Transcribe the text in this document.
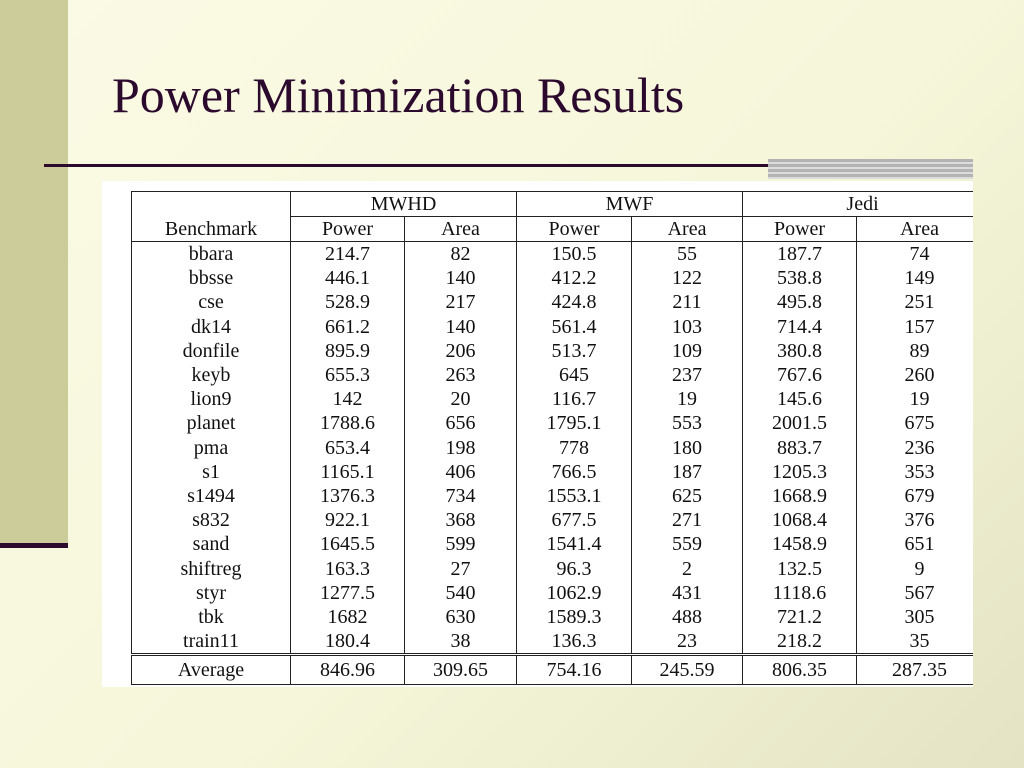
Power Minimization Results
Benchmark	MWHD		MWF		Jedi	
	Power	Area	Power	Area	Power	Area
bbara	214.7	82	150.5	55	187.7	74
bbsse	446.1	140	412.2	122	538.8	149
cse	528.9	217	424.8	211	495.8	251
dk14	661.2	140	561.4	103	714.4	157
donfile	895.9	206	513.7	109	380.8	89
keyb	655.3	263	645	237	767.6	260
lion9	142	20	116.7	19	145.6	19
planet	1788.6	656	1795.1	553	2001.5	675
pma	653.4	198	778	180	883.7	236
s1	1165.1	406	766.5	187	1205.3	353
s1494	1376.3	734	1553.1	625	1668.9	679
s832	922.1	368	677.5	271	1068.4	376
sand	1645.5	599	1541.4	559	1458.9	651
shiftreg	163.3	27	96.3	2	132.5	9
styr	1277.5	540	1062.9	431	1118.6	567
tbk	1682	630	1589.3	488	721.2	305
train11	180.4	38	136.3	23	218.2	35
Average	846.96	309.65	754.16	245.59	806.35	287.35
